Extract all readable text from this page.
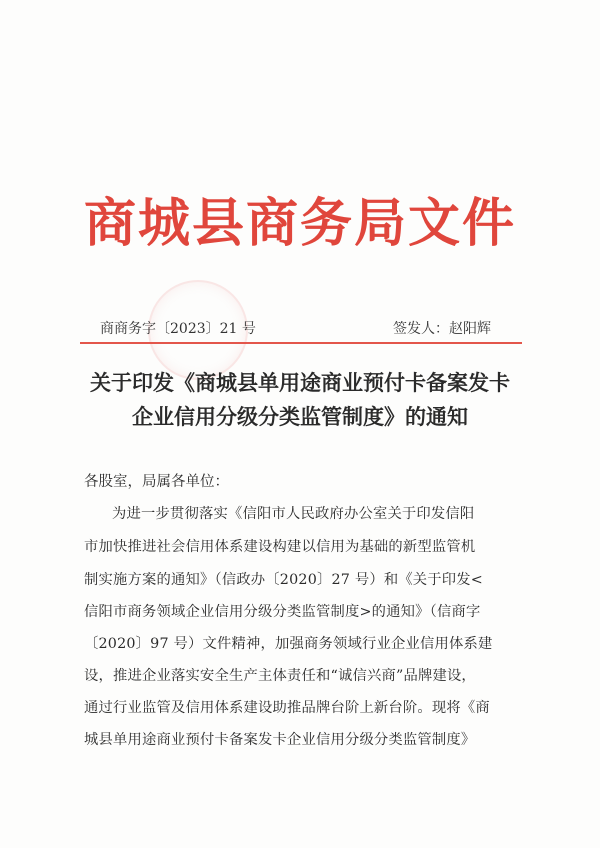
商城县商务局文件
商商务字〔2023〕21 号	签发人：赵阳辉
关于印发《商城县单用途商业预付卡备案发卡
企业信用分级分类监管制度》的通知
各股室，局属各单位：
为进一步贯彻落实《信阳市人民政府办公室关于印发信阳
市加快推进社会信用体系建设构建以信用为基础的新型监管机
制实施方案的通知》（信政办〔2020〕27 号）和《关于印发<
信阳市商务领域企业信用分级分类监管制度>的通知》（信商字
〔2020〕97 号）文件精神，加强商务领域行业企业信用体系建
设，推进企业落实安全生产主体责任和“诚信兴商”品牌建设，
通过行业监管及信用体系建设助推品牌台阶上新台阶。现将《商
城县单用途商业预付卡备案发卡企业信用分级分类监管制度》
